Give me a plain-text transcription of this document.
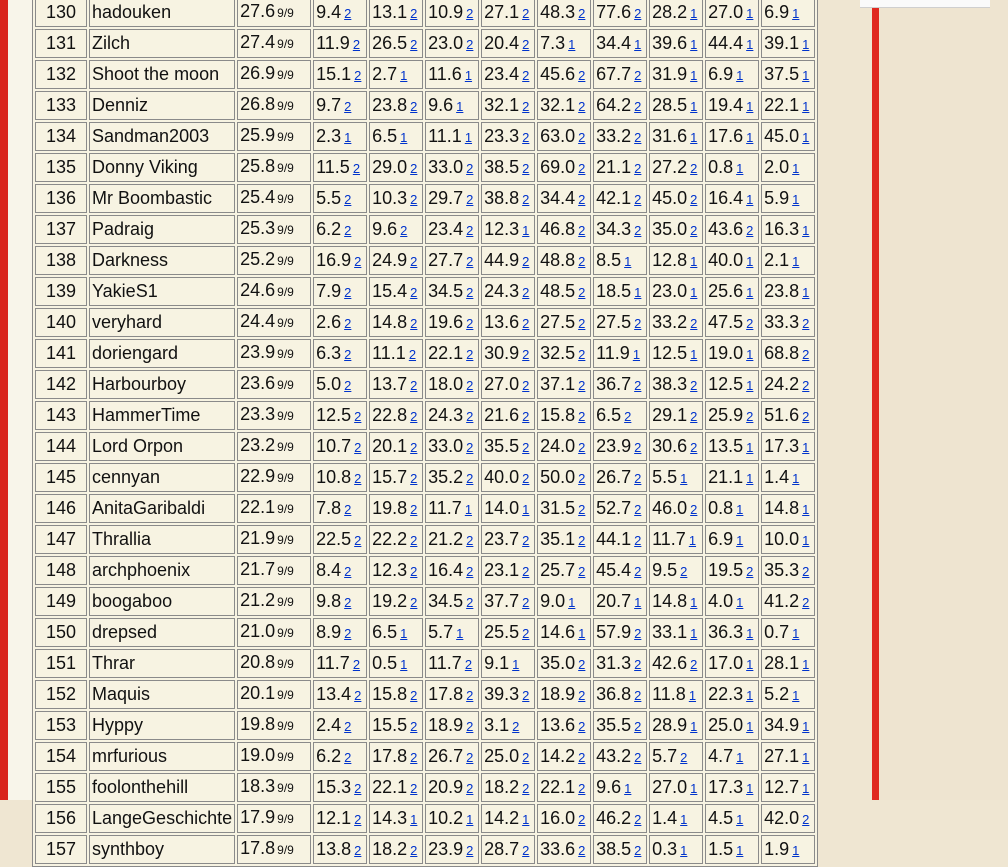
130	hadouken	27.6 9/9	9.4 2	13.1 2	10.9 2	27.1 2	48.3 2	77.6 2	28.2 1	27.0 1	6.9 1
131	Zilch	27.4 9/9	11.9 2	26.5 2	23.0 2	20.4 2	7.3 1	34.4 1	39.6 1	44.4 1	39.1 1
132	Shoot the moon	26.9 9/9	15.1 2	2.7 1	11.6 1	23.4 2	45.6 2	67.7 2	31.9 1	6.9 1	37.5 1
133	Denniz	26.8 9/9	9.7 2	23.8 2	9.6 1	32.1 2	32.1 2	64.2 2	28.5 1	19.4 1	22.1 1
134	Sandman2003	25.9 9/9	2.3 1	6.5 1	11.1 1	23.3 2	63.0 2	33.2 2	31.6 1	17.6 1	45.0 1
135	Donny Viking	25.8 9/9	11.5 2	29.0 2	33.0 2	38.5 2	69.0 2	21.1 2	27.2 2	0.8 1	2.0 1
136	Mr Boombastic	25.4 9/9	5.5 2	10.3 2	29.7 2	38.8 2	34.4 2	42.1 2	45.0 2	16.4 1	5.9 1
137	Padraig	25.3 9/9	6.2 2	9.6 2	23.4 2	12.3 1	46.8 2	34.3 2	35.0 2	43.6 2	16.3 1
138	Darkness	25.2 9/9	16.9 2	24.9 2	27.7 2	44.9 2	48.8 2	8.5 1	12.8 1	40.0 1	2.1 1
139	YakieS1	24.6 9/9	7.9 2	15.4 2	34.5 2	24.3 2	48.5 2	18.5 1	23.0 1	25.6 1	23.8 1
140	veryhard	24.4 9/9	2.6 2	14.8 2	19.6 2	13.6 2	27.5 2	27.5 2	33.2 2	47.5 2	33.3 2
141	doriengard	23.9 9/9	6.3 2	11.1 2	22.1 2	30.9 2	32.5 2	11.9 1	12.5 1	19.0 1	68.8 2
142	Harbourboy	23.6 9/9	5.0 2	13.7 2	18.0 2	27.0 2	37.1 2	36.7 2	38.3 2	12.5 1	24.2 2
143	HammerTime	23.3 9/9	12.5 2	22.8 2	24.3 2	21.6 2	15.8 2	6.5 2	29.1 2	25.9 2	51.6 2
144	Lord Orpon	23.2 9/9	10.7 2	20.1 2	33.0 2	35.5 2	24.0 2	23.9 2	30.6 2	13.5 1	17.3 1
145	cennyan	22.9 9/9	10.8 2	15.7 2	35.2 2	40.0 2	50.0 2	26.7 2	5.5 1	21.1 1	1.4 1
146	AnitaGaribaldi	22.1 9/9	7.8 2	19.8 2	11.7 1	14.0 1	31.5 2	52.7 2	46.0 2	0.8 1	14.8 1
147	Thrallia	21.9 9/9	22.5 2	22.2 2	21.2 2	23.7 2	35.1 2	44.1 2	11.7 1	6.9 1	10.0 1
148	archphoenix	21.7 9/9	8.4 2	12.3 2	16.4 2	23.1 2	25.7 2	45.4 2	9.5 2	19.5 2	35.3 2
149	boogaboo	21.2 9/9	9.8 2	19.2 2	34.5 2	37.7 2	9.0 1	20.7 1	14.8 1	4.0 1	41.2 2
150	drepsed	21.0 9/9	8.9 2	6.5 1	5.7 1	25.5 2	14.6 1	57.9 2	33.1 1	36.3 1	0.7 1
151	Thrar	20.8 9/9	11.7 2	0.5 1	11.7 2	9.1 1	35.0 2	31.3 2	42.6 2	17.0 1	28.1 1
152	Maquis	20.1 9/9	13.4 2	15.8 2	17.8 2	39.3 2	18.9 2	36.8 2	11.8 1	22.3 1	5.2 1
153	Hyppy	19.8 9/9	2.4 2	15.5 2	18.9 2	3.1 2	13.6 2	35.5 2	28.9 1	25.0 1	34.9 1
154	mrfurious	19.0 9/9	6.2 2	17.8 2	26.7 2	25.0 2	14.2 2	43.2 2	5.7 2	4.7 1	27.1 1
155	foolonthehill	18.3 9/9	15.3 2	22.1 2	20.9 2	18.2 2	22.1 2	9.6 1	27.0 1	17.3 1	12.7 1
156	LangeGeschichte	17.9 9/9	12.1 2	14.3 1	10.2 1	14.2 1	16.0 2	46.2 2	1.4 1	4.5 1	42.0 2
157	synthboy	17.8 9/9	13.8 2	18.2 2	23.9 2	28.7 2	33.6 2	38.5 2	0.3 1	1.5 1	1.9 1
